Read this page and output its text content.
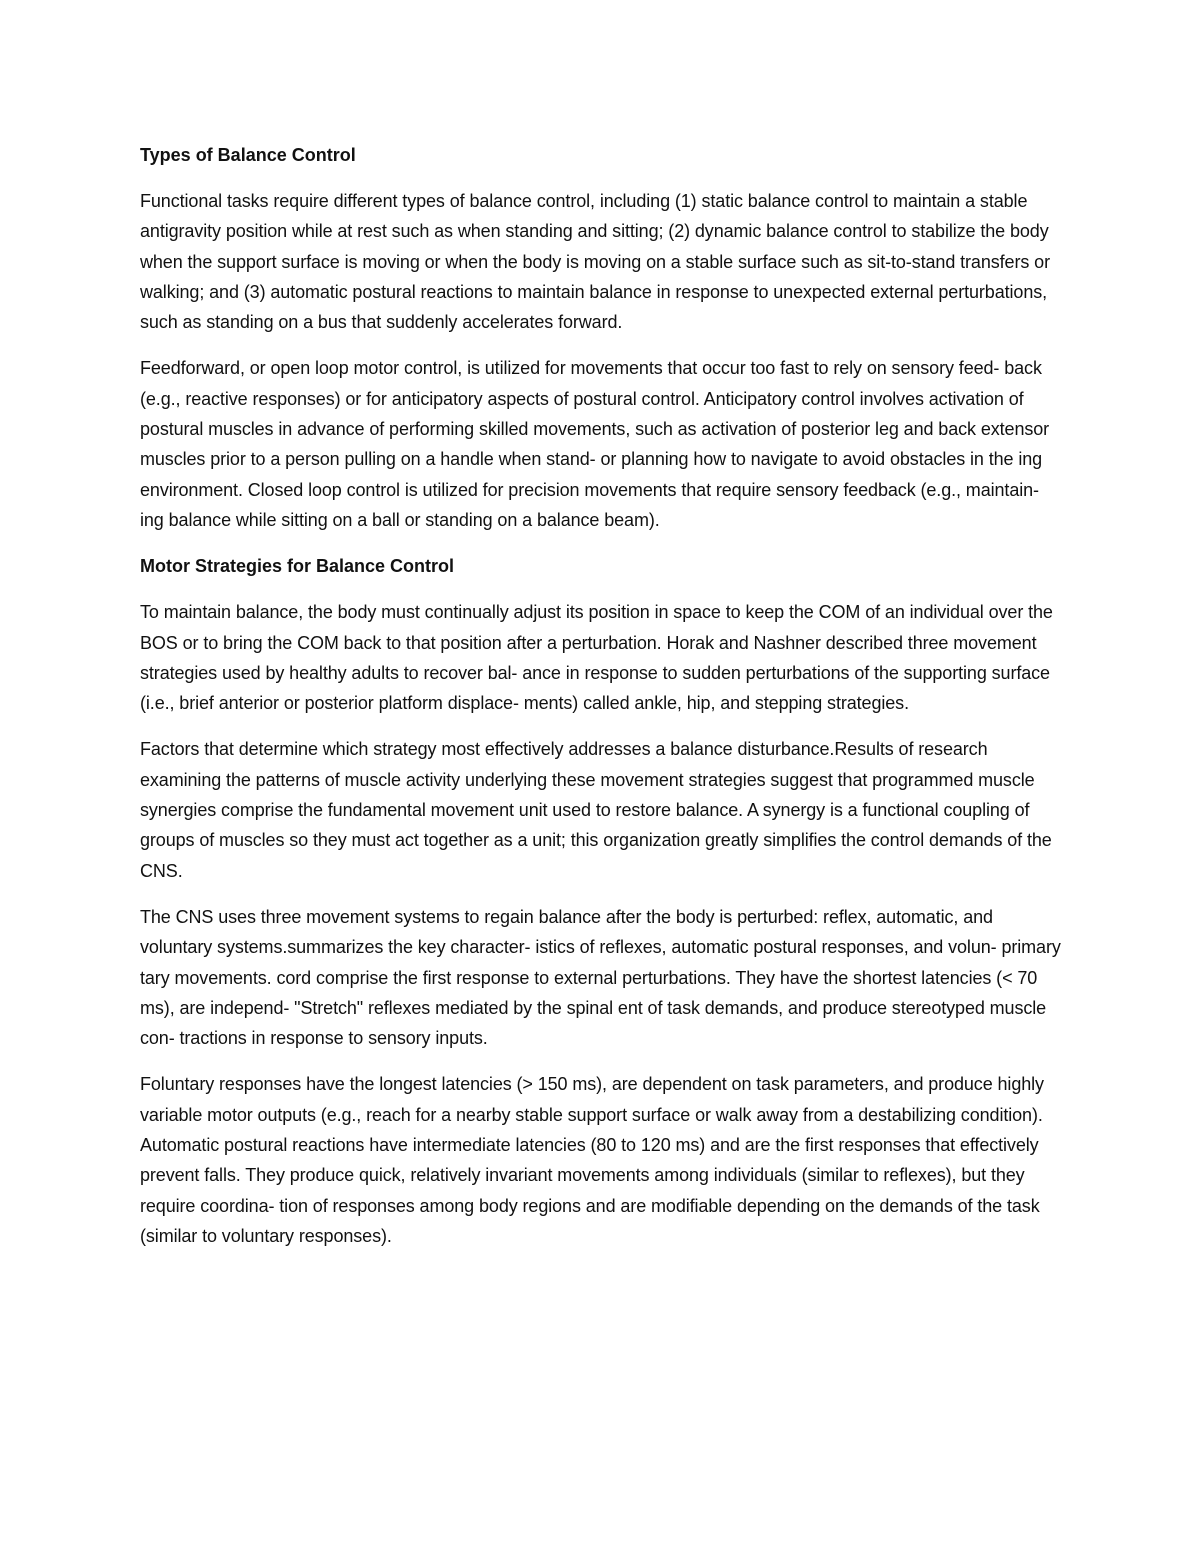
Types of Balance Control

Functional tasks require different types of balance control, including (1) static balance control to maintain a stable antigravity position while at rest such as when standing and sitting; (2) dynamic balance control to stabilize the body when the support surface is moving or when the body is moving on a stable surface such as sit-to-stand transfers or walking; and (3) automatic postural reactions to maintain balance in response to unexpected external perturbations, such as standing on a bus that suddenly accelerates forward.

Feedforward, or open loop motor control, is utilized for movements that occur too fast to rely on sensory feed- back (e.g., reactive responses) or for anticipatory aspects of postural control. Anticipatory control involves activation of postural muscles in advance of performing skilled movements, such as activation of posterior leg and back extensor muscles prior to a person pulling on a handle when stand- or planning how to navigate to avoid obstacles in the ing environment. Closed loop control is utilized for precision movements that require sensory feedback (e.g., maintain- ing balance while sitting on a ball or standing on a balance beam).

Motor Strategies for Balance Control

To maintain balance, the body must continually adjust its position in space to keep the COM of an individual over the BOS or to bring the COM back to that position after a perturbation. Horak and Nashner described three movement strategies used by healthy adults to recover bal- ance in response to sudden perturbations of the supporting surface (i.e., brief anterior or posterior platform displace- ments) called ankle, hip, and stepping strategies.

Factors that determine which strategy most effectively addresses a balance disturbance.Results of research examining the patterns of muscle activity underlying these movement strategies suggest that programmed muscle synergies comprise the fundamental movement unit used to restore balance. A synergy is a functional coupling of groups of muscles so they must act together as a unit; this organization greatly simplifies the control demands of the CNS.

The CNS uses three movement systems to regain balance after the body is perturbed: reflex, automatic, and voluntary systems.summarizes the key character- istics of reflexes, automatic postural responses, and volun- primary tary movements. cord comprise the first response to external perturbations. They have the shortest latencies (< 70 ms), are independ- "Stretch" reflexes mediated by the spinal ent of task demands, and produce stereotyped muscle con- tractions in response to sensory inputs.

Foluntary responses have the longest latencies (> 150 ms), are dependent on task parameters, and produce highly variable motor outputs (e.g., reach for a nearby stable support surface or walk away from a destabilizing condition). Automatic postural reactions have intermediate latencies (80 to 120 ms) and are the first responses that effectively prevent falls. They produce quick, relatively invariant movements among individuals (similar to reflexes), but they require coordina- tion of responses among body regions and are modifiable depending on the demands of the task (similar to voluntary responses).
